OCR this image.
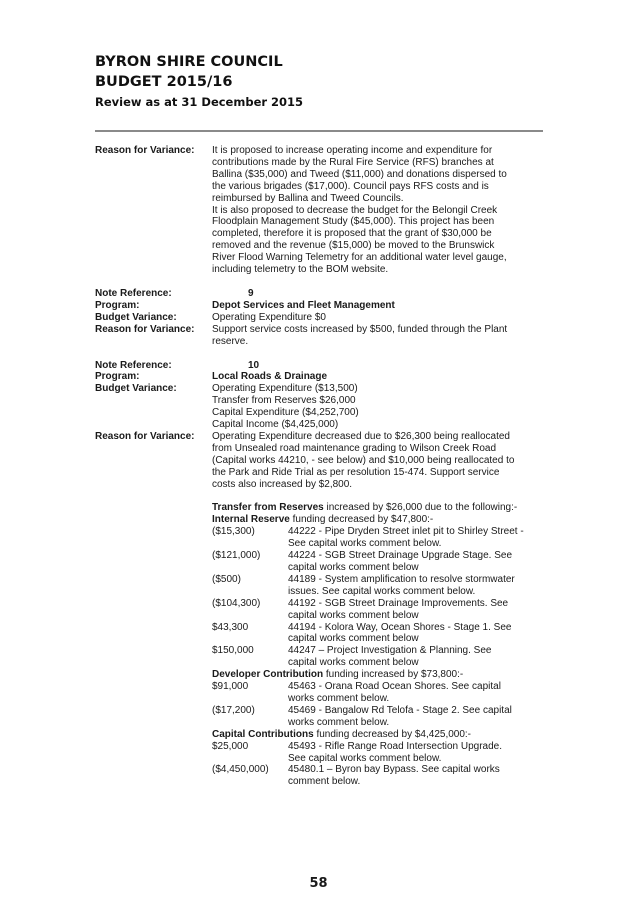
BYRON SHIRE COUNCIL
BUDGET 2015/16
Review as at 31 December 2015
Reason for Variance:	It is proposed to increase operating income and expenditure for
contributions made by the Rural Fire Service (RFS) branches at
Ballina ($35,000) and Tweed ($11,000) and donations dispersed to
the various brigades ($17,000). Council pays RFS costs and is
reimbursed by Ballina and Tweed Councils.
It is also proposed to decrease the budget for the Belongil Creek
Floodplain Management Study ($45,000). This project has been
completed, therefore it is proposed that the grant of $30,000 be
removed and the revenue ($15,000) be moved to the Brunswick
River Flood Warning Telemetry for an additional water level gauge,
including telemetry to the BOM website.
Note Reference:	9
Program:	Depot Services and Fleet Management
Budget Variance:	Operating Expenditure $0
Reason for Variance:	Support service costs increased by $500, funded through the Plant
reserve.
Note Reference:	10
Program:	Local Roads & Drainage
Budget Variance:	Operating Expenditure ($13,500)
Transfer from Reserves $26,000
Capital Expenditure ($4,252,700)
Capital Income ($4,425,000)
Reason for Variance:	Operating Expenditure decreased due to $26,300 being reallocated
from Unsealed road maintenance grading to Wilson Creek Road
(Capital works 44210, - see below) and $10,000 being reallocated to
the Park and Ride Trial as per resolution 15-474. Support service
costs also increased by $2,800.
Transfer from Reserves increased by $26,000 due to the following:-
Internal Reserve funding decreased by $47,800:-
($15,300)	44222 - Pipe Dryden Street inlet pit to Shirley Street -
See capital works comment below.
($121,000)	44224 - SGB Street Drainage Upgrade Stage. See
capital works comment below
($500)	44189 - System amplification to resolve stormwater
issues. See capital works comment below.
($104,300)	44192 - SGB Street Drainage Improvements. See
capital works comment below
$43,300	44194 - Kolora Way, Ocean Shores - Stage 1. See
capital works comment below
$150,000	44247 – Project Investigation & Planning. See
capital works comment below
Developer Contribution funding increased by $73,800:-
$91,000	45463 - Orana Road Ocean Shores. See capital
works comment below.
($17,200)	45469 - Bangalow Rd Telofa - Stage 2. See capital
works comment below.
Capital Contributions funding decreased by $4,425,000:-
$25,000	45493 - Rifle Range Road Intersection Upgrade.
See capital works comment below.
($4,450,000)	45480.1 – Byron bay Bypass. See capital works
comment below.
58
